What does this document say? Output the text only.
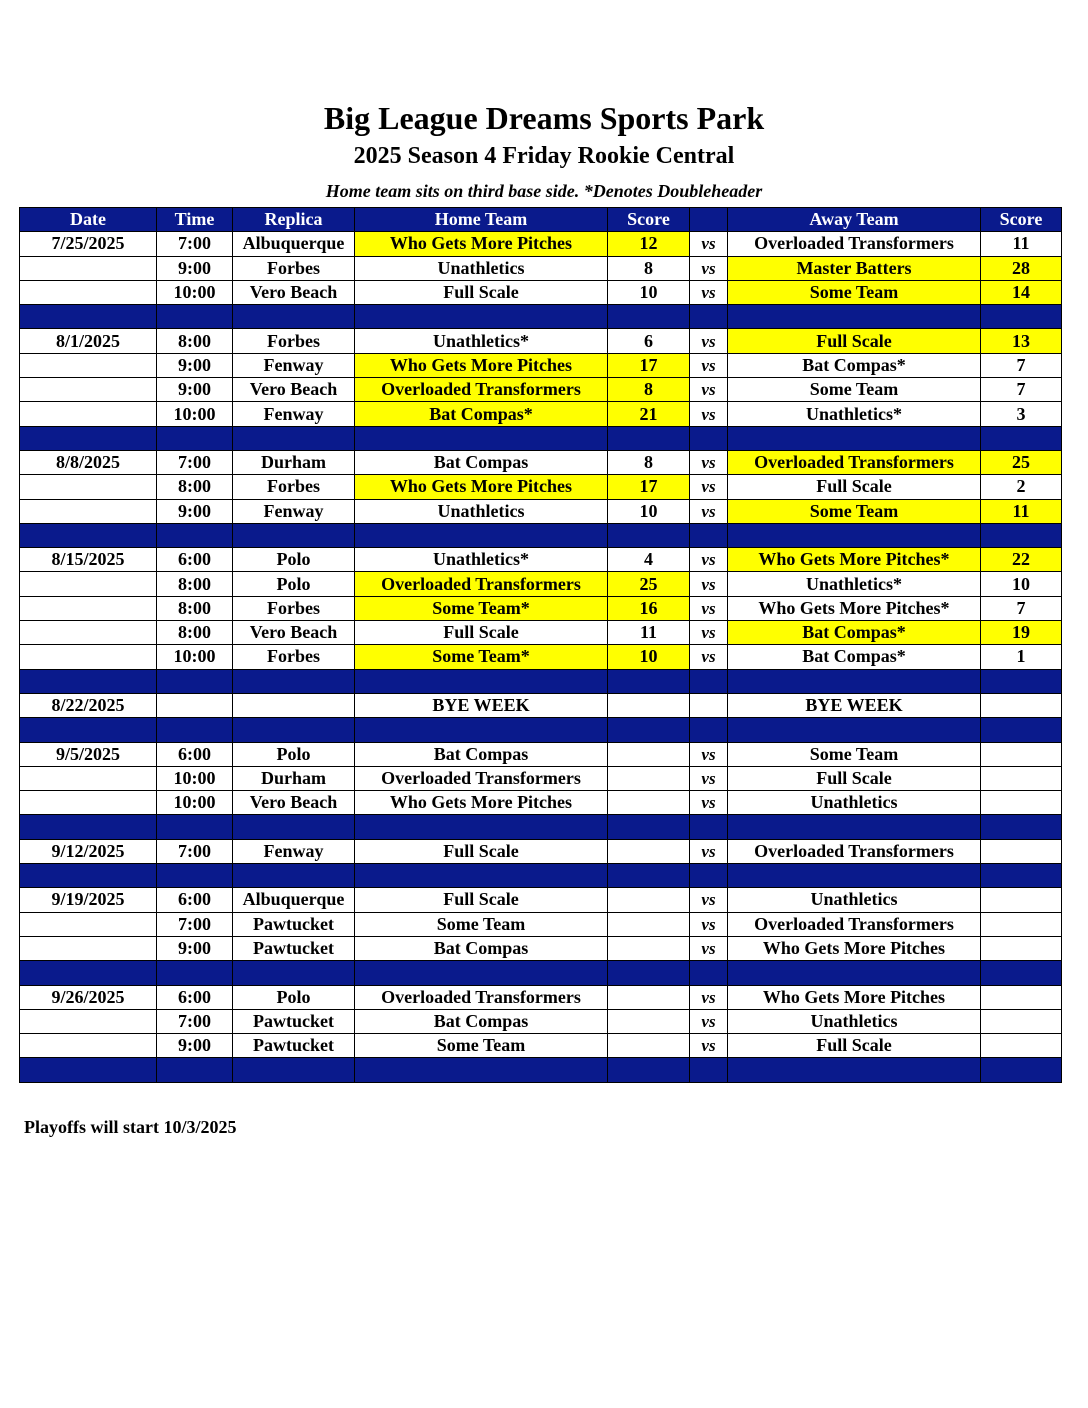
Big League Dreams Sports Park
2025 Season 4 Friday Rookie Central
Home team sits on third base side. *Denotes Doubleheader
Date	Time	Replica	Home Team	Score		Away Team	Score
7/25/2025	7:00	Albuquerque	Who Gets More Pitches	12	vs	Overloaded Transformers	11
	9:00	Forbes	Unathletics	8	vs	Master Batters	28
	10:00	Vero Beach	Full Scale	10	vs	Some Team	14

8/1/2025	8:00	Forbes	Unathletics*	6	vs	Full Scale	13
	9:00	Fenway	Who Gets More Pitches	17	vs	Bat Compas*	7
	9:00	Vero Beach	Overloaded Transformers	8	vs	Some Team	7
	10:00	Fenway	Bat Compas*	21	vs	Unathletics*	3

8/8/2025	7:00	Durham	Bat Compas	8	vs	Overloaded Transformers	25
	8:00	Forbes	Who Gets More Pitches	17	vs	Full Scale	2
	9:00	Fenway	Unathletics	10	vs	Some Team	11

8/15/2025	6:00	Polo	Unathletics*	4	vs	Who Gets More Pitches*	22
	8:00	Polo	Overloaded Transformers	25	vs	Unathletics*	10
	8:00	Forbes	Some Team*	16	vs	Who Gets More Pitches*	7
	8:00	Vero Beach	Full Scale	11	vs	Bat Compas*	19
	10:00	Forbes	Some Team*	10	vs	Bat Compas*	1

8/22/2025			BYE WEEK			BYE WEEK	

9/5/2025	6:00	Polo	Bat Compas		vs	Some Team	
	10:00	Durham	Overloaded Transformers		vs	Full Scale	
	10:00	Vero Beach	Who Gets More Pitches		vs	Unathletics	

9/12/2025	7:00	Fenway	Full Scale		vs	Overloaded Transformers	

9/19/2025	6:00	Albuquerque	Full Scale		vs	Unathletics	
	7:00	Pawtucket	Some Team		vs	Overloaded Transformers	
	9:00	Pawtucket	Bat Compas		vs	Who Gets More Pitches	

9/26/2025	6:00	Polo	Overloaded Transformers		vs	Who Gets More Pitches	
	7:00	Pawtucket	Bat Compas		vs	Unathletics	
	9:00	Pawtucket	Some Team		vs	Full Scale	

Playoffs will start 10/3/2025
